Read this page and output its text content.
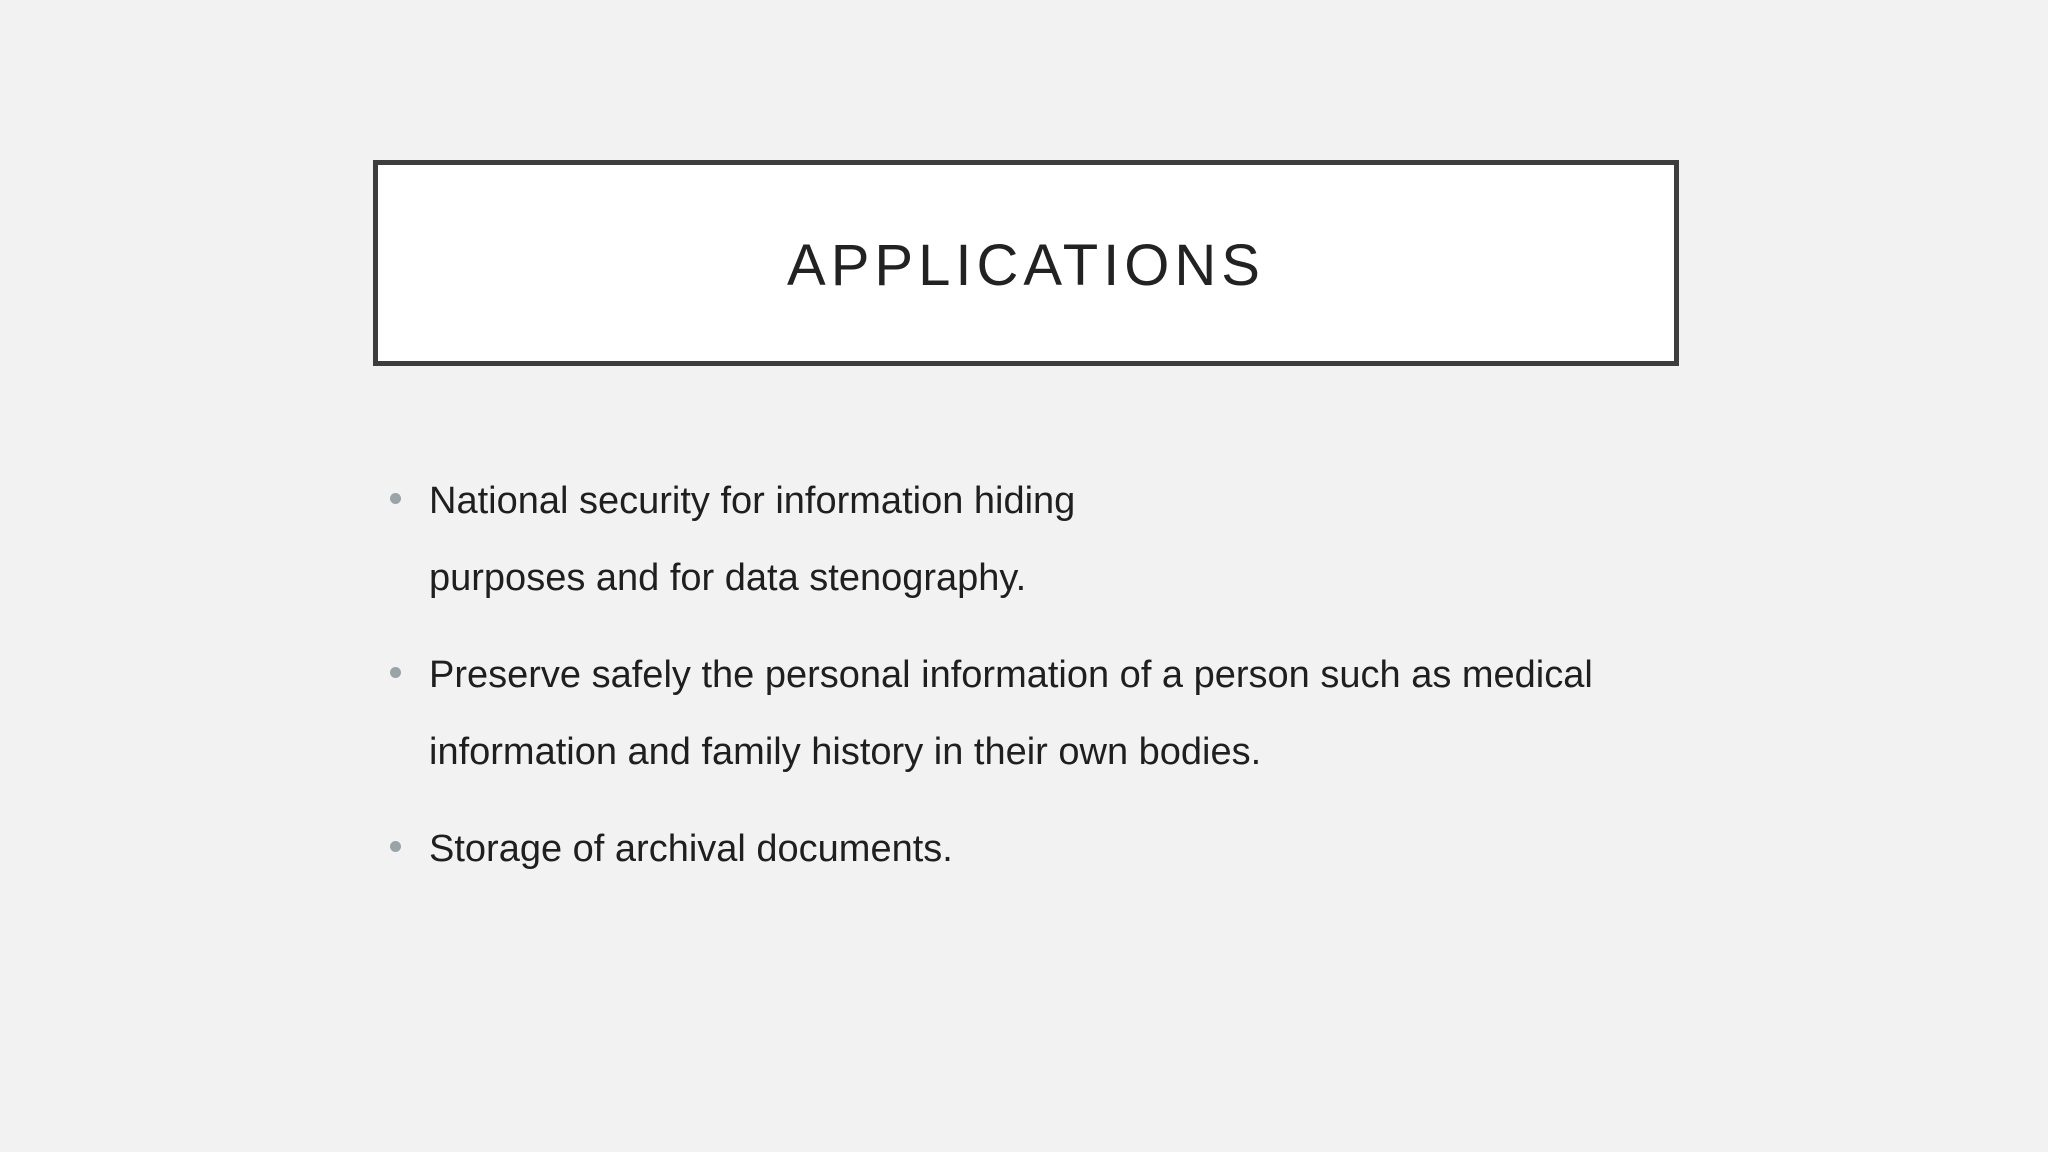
APPLICATIONS
National security for information hiding
purposes and for data stenography.
Preserve safely the personal information of a person such as medical
information and family history in their own bodies.
Storage of archival documents.
